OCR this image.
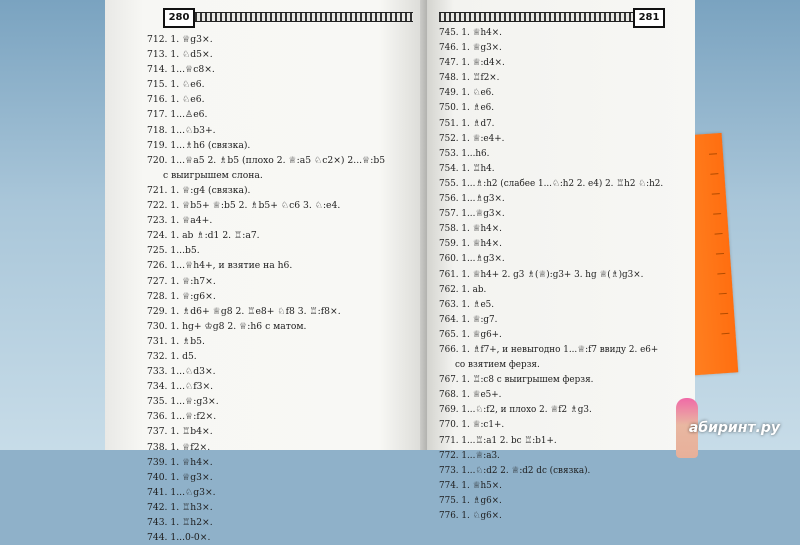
280
712. 1. ♕g3×.
713. 1. ♘d5×.
714. 1...♕c8×.
715. 1. ♘e6.
716. 1. ♘e6.
717. 1...♙e6.
718. 1...♘b3+.
719. 1...♗h6 (связка).
720. 1...♕a5 2. ♗b5 (плохо 2. ♕:a5 ♘c2×) 2...♕:b5
с выигрышем слона.
721. 1. ♕:g4 (связка).
722. 1. ♕b5+ ♕:b5 2. ♗b5+ ♘c6 3. ♘:e4.
723. 1. ♕a4+.
724. 1. ab ♗:d1 2. ♖:a7.
725. 1...b5.
726. 1...♕h4+, и взятие на h6.
727. 1. ♕:h7×.
728. 1. ♕:g6×.
729. 1. ♗d6+ ♕g8 2. ♖e8+ ♘f8 3. ♖:f8×.
730. 1. hg+ ♔g8 2. ♕:h6 с матом.
731. 1. ♗b5.
732. 1. d5.
733. 1...♘d3×.
734. 1...♘f3×.
735. 1...♕:g3×.
736. 1...♕:f2×.
737. 1. ♖b4×.
738. 1. ♕f2×.
739. 1. ♕h4×.
740. 1. ♕g3×.
741. 1...♘g3×.
742. 1. ♖h3×.
743. 1. ♖h2×.
744. 1...0-0×.
281
745. 1. ♕h4×.
746. 1. ♕g3×.
747. 1. ♕:d4×.
748. 1. ♖f2×.
749. 1. ♘e6.
750. 1. ♗e6.
751. 1. ♗d7.
752. 1. ♕:e4+.
753. 1...h6.
754. 1. ♖h4.
755. 1...♗:h2 (слабее 1...♘:h2 2. e4) 2. ♖h2 ♘:h2.
756. 1...♗g3×.
757. 1...♕g3×.
758. 1. ♕h4×.
759. 1. ♕h4×.
760. 1...♗g3×.
761. 1. ♕h4+ 2. g3 ♗(♕):g3+ 3. hg ♕(♗)g3×.
762. 1. ab.
763. 1. ♗e5.
764. 1. ♕:g7.
765. 1. ♕g6+.
766. 1. ♗f7+, и невыгодно 1...♕:f7 ввиду 2. e6+
со взятием ферзя.
767. 1. ♖:c8 с выигрышем ферзя.
768. 1. ♕e5+.
769. 1...♘:f2, и плохо 2. ♕f2 ♗g3.
770. 1. ♕:c1+.
771. 1...♖:a1 2. bc ♖:b1+.
772. 1...♕:a3.
773. 1...♘:d2 2. ♕:d2 dc (связка).
774. 1. ♕h5×.
775. 1. ♗g6×.
776. 1. ♘g6×.
абиринт.ру
